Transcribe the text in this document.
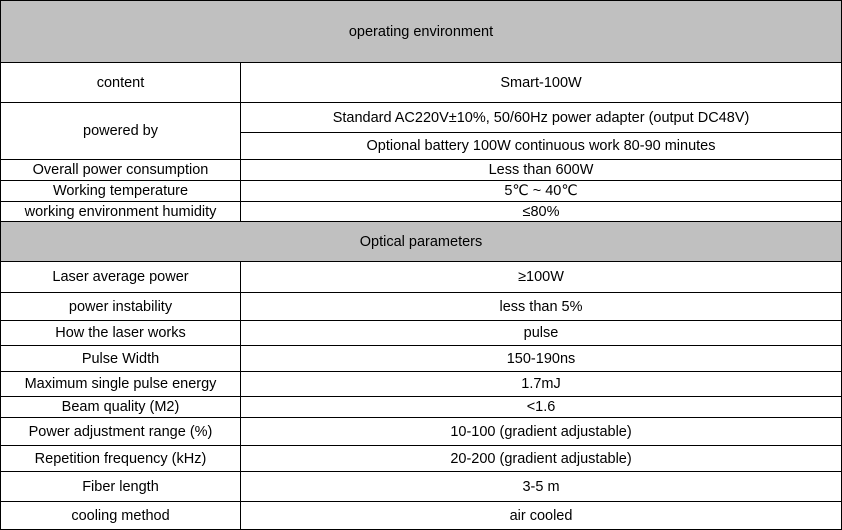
operating environment	
content	Smart-100W
powered by	Standard AC220V±10%, 50/60Hz power adapter (output DC48V)
	Optional battery 100W continuous work 80-90 minutes
Overall power consumption	Less than 600W
Working temperature	5℃ ~ 40℃
working environment humidity	≤80%
Optical parameters	
Laser average power	≥100W
power instability	less than 5%
How the laser works	pulse
Pulse Width	150-190ns
Maximum single pulse energy	1.7mJ
Beam quality (M2)	<1.6
Power adjustment range (%)	10-100 (gradient adjustable)
Repetition frequency (kHz)	20-200 (gradient adjustable)
Fiber length	3-5 m
cooling method	air cooled
